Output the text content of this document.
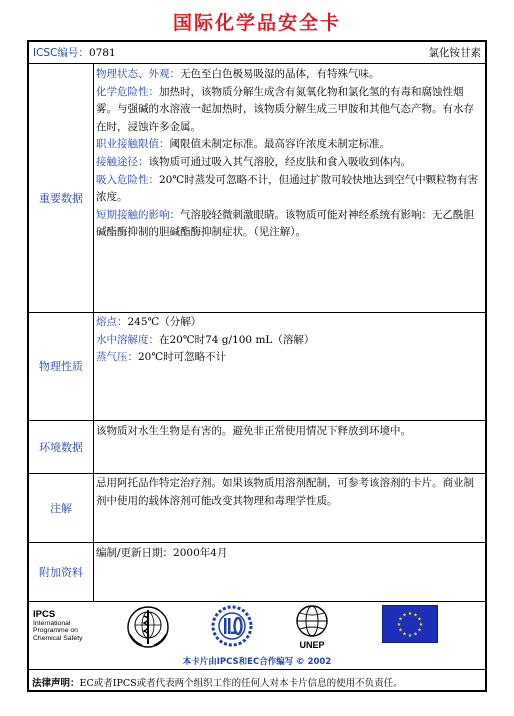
国际化学品安全卡
ICSC编号：0781	氯化铵甘素
重要数据
物理状态、外观：无色至白色极易吸湿的晶体，有特殊气味。
化学危险性：加热时，该物质分解生成含有氮氧化物和氯化氢的有毒和腐蚀性烟雾。与强碱的水溶液一起加热时，该物质分解生成三甲胺和其他气态产物。有水存在时，浸蚀许多金属。
职业接触限值：阈限值未制定标准。最高容许浓度未制定标准。
接触途径：该物质可通过吸入其气溶胶，经皮肤和食入吸收到体内。
吸入危险性：20℃时蒸发可忽略不计，但通过扩散可较快地达到空气中颗粒物有害浓度。
短期接触的影响：气溶胶轻微刺激眼睛。该物质可能对神经系统有影响：无乙酰胆碱酯酶抑制的胆碱酯酶抑制症状。（见注解）。
物理性质
熔点：245℃（分解）
水中溶解度：在20℃时74 g/100 mL（溶解）
蒸气压：20℃时可忽略不计
环境数据
该物质对水生生物是有害的。避免非正常使用情况下释放到环境中。
注解
忌用阿托品作特定治疗剂。如果该物质用溶剂配制，可参考该溶剂的卡片。商业制剂中使用的载体溶剂可能改变其物理和毒理学性质。
附加资料
编制/更新日期：2000年4月
IPCS
International
Programme on
Chemical Safety
UNEP
★
★
★
★
★
★
★
★
★ ★ ★
★
本卡片由IPCS和EC合作编写 © 2002
法律声明：EC或者IPCS或者代表两个组织工作的任何人对本卡片信息的使用不负责任。
